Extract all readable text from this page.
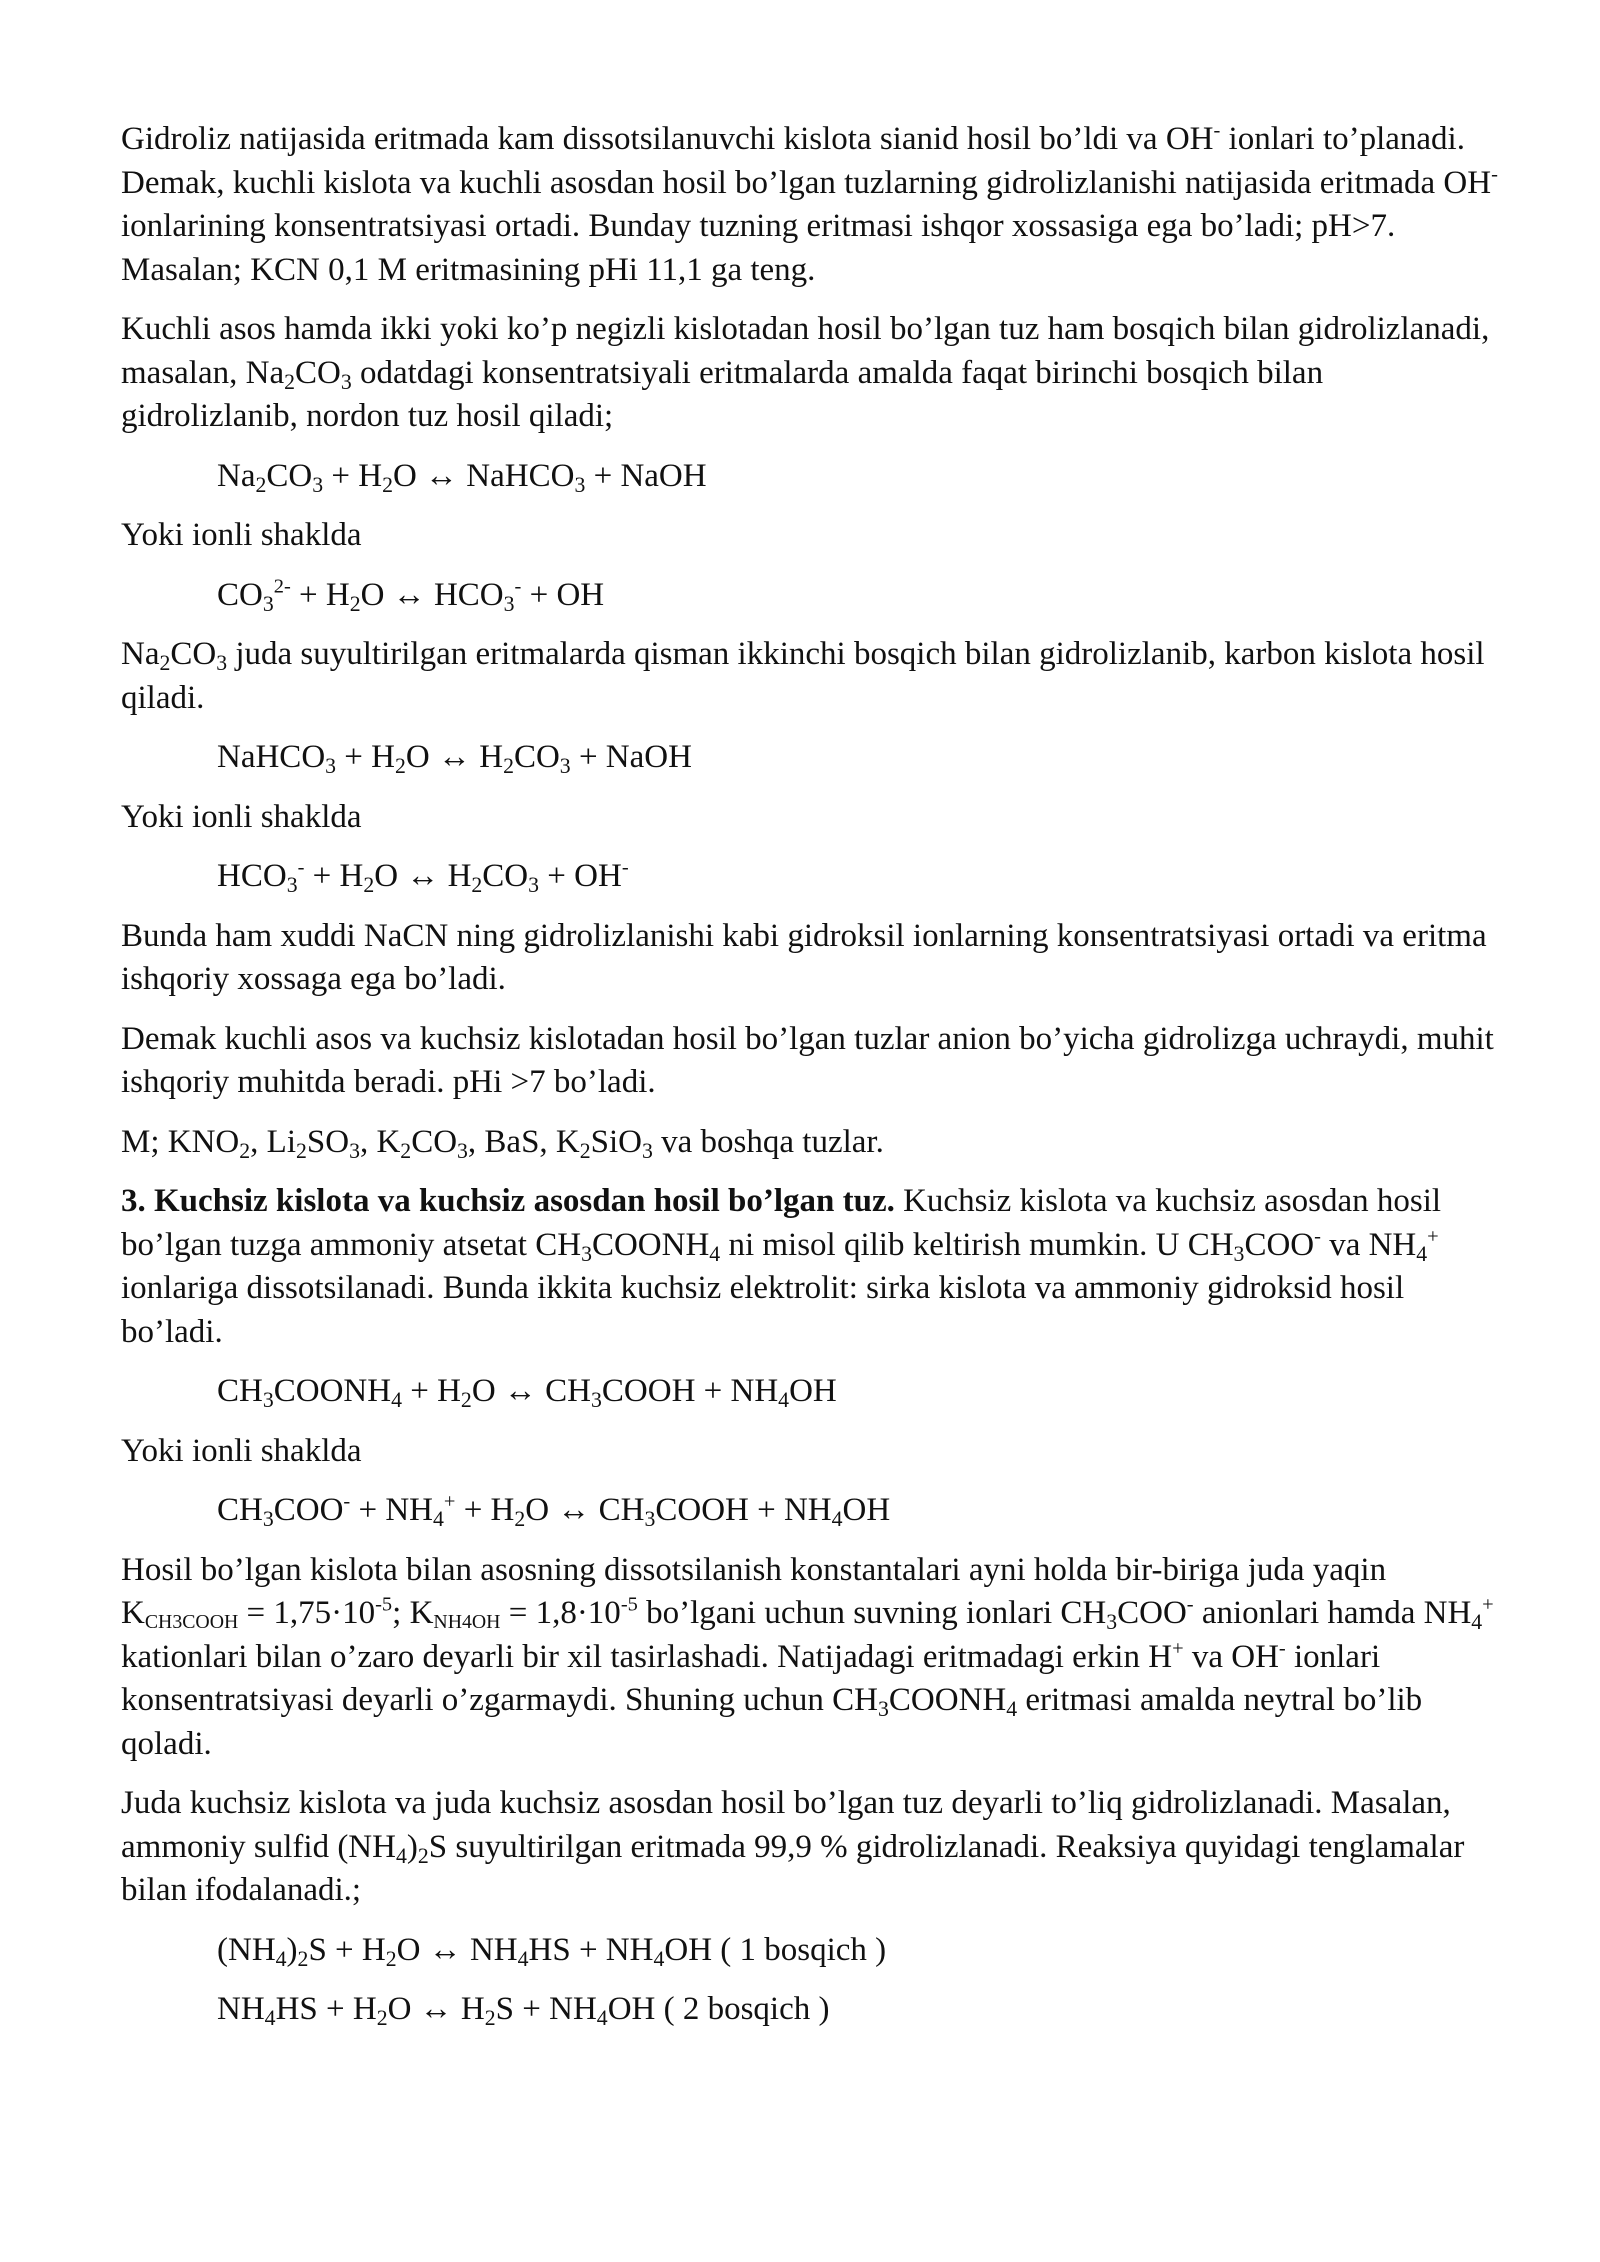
Gidroliz natijasida eritmada kam dissotsilanuvchi kislota sianid hosil bo’ldi va OH- ionlari to’planadi. Demak, kuchli kislota va kuchli asosdan hosil bo’lgan tuzlarning gidrolizlanishi natijasida eritmada OH- ionlarining konsentratsiyasi ortadi. Bunday tuzning eritmasi ishqor xossasiga ega bo’ladi; pH>7. Masalan; KCN 0,1 M eritmasining pHi 11,1 ga teng.

Kuchli asos hamda ikki yoki ko’p negizli kislotadan hosil bo’lgan tuz ham bosqich bilan gidrolizlanadi, masalan, $Na_2CO_3$ odatdagi konsentratsiyali eritmalarda amalda faqat birinchi bosqich bilan gidrolizlanib, nordon tuz hosil qiladi;

$Na_2CO_3 + H_2O$ ↔ NaHCO$_3$ + NaOH

Yoki ionli shaklda

$CO_3^{2-} + H_2O$ ↔ $HCO_3^-$ + OH

$Na_2CO_3$ juda suyultirilgan eritmalarda qisman ikkinchi bosqich bilan gidrolizlanib, karbon kislota hosil qiladi.

NaHCO$_3$ + $H_2O$ ↔ $H_2CO_3$ + NaOH

Yoki ionli shaklda

$HCO_3^- + H_2O$ ↔ $H_2CO_3 + OH^-$

Bunda ham xuddi NaCN ning gidrolizlanishi kabi gidroksil ionlarning konsentratsiyasi ortadi va eritma ishqoriy xossaga ega bo’ladi.

Demak kuchli asos va kuchsiz kislotadan hosil bo’lgan tuzlar anion bo’yicha gidrolizga uchraydi, muhit ishqoriy muhitda beradi. pHi >7 bo’ladi.

M; $KNO_2$, $Li_2SO_3$, $K_2CO_3$, BaS, $K_2SiO_3$ va boshqa tuzlar.

3. Kuchsiz kislota va kuchsiz asosdan hosil bo’lgan tuz. Kuchsiz kislota va kuchsiz asosdan hosil bo’lgan tuzga ammoniy atsetat $CH_3COONH_4$ ni misol qilib keltirish mumkin. U $CH_3COO^-$ va $NH_4^+$ ionlariga dissotsilanadi. Bunda ikkita kuchsiz elektrolit: sirka kislota va ammoniy gidroksid hosil bo’ladi.

$CH_3COONH_4 + H_2O$ ↔ $CH_3COOH + NH_4OH$

Yoki ionli shaklda

$CH_3COO^- + NH_4^+ + H_2O$ ↔ $CH_3COOH + NH_4OH$

Hosil bo’lgan kislota bilan asosning dissotsilanish konstantalari ayni holda bir-biriga juda yaqin $K_{CH3COOH} = 1,75\cdot 10^{-5}$; $K_{NH4OH} = 1,8\cdot 10^{-5}$ bo’lgani uchun suvning ionlari $CH_3COO^-$ anionlari hamda $NH_4^+$ kationlari bilan o’zaro deyarli bir xil tasirlashadi. Natijadagi eritmadagi erkin H+ va OH- ionlari konsentratsiyasi deyarli o’zgarmaydi. Shuning uchun $CH_3COONH_4$ eritmasi amalda neytral bo’lib qoladi.

Juda kuchsiz kislota va juda kuchsiz asosdan hosil bo’lgan tuz deyarli to’liq gidrolizlanadi. Masalan, ammoniy sulfid $(NH_4)_2S$ suyultirilgan eritmada 99,9 % gidrolizlanadi. Reaksiya quyidagi tenglamalar bilan ifodalanadi.;

$(NH_4)_2S + H_2O$ ↔ $NH_4HS + NH_4OH$ ( 1 bosqich )

$NH_4HS + H_2O$ ↔ $H_2S + NH_4OH$ ( 2 bosqich )
